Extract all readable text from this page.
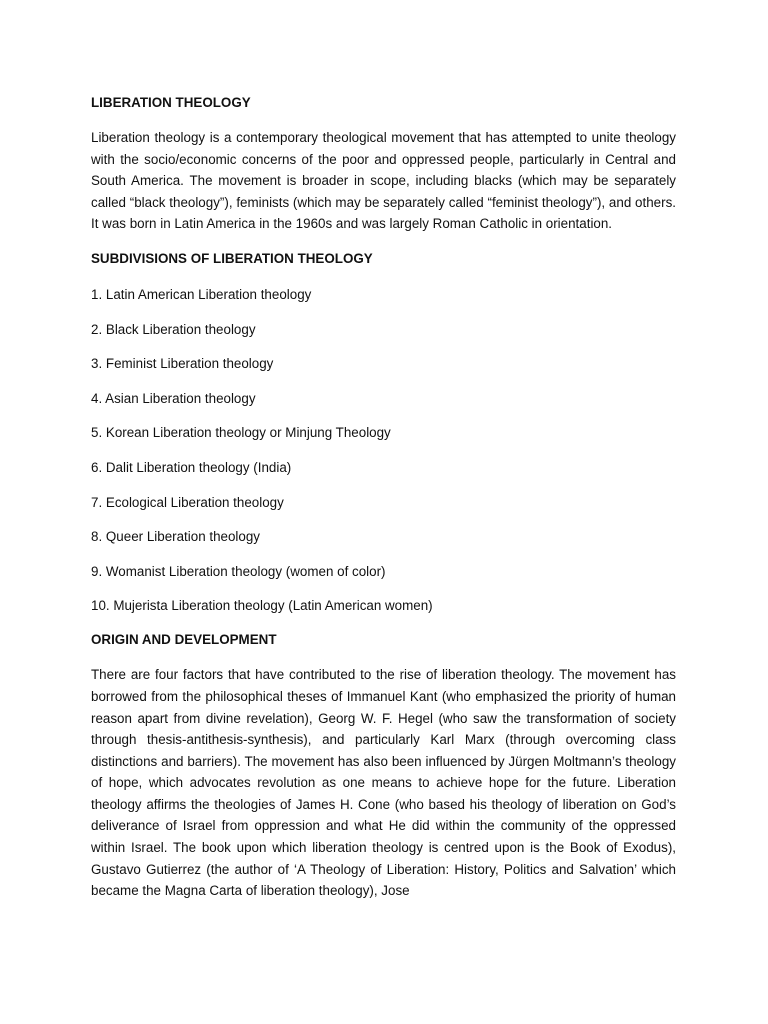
LIBERATION THEOLOGY

Liberation theology is a contemporary theological movement that has attempted to unite theology with the socio/economic concerns of the poor and oppressed people, particularly in Central and South America. The movement is broader in scope, including blacks (which may be separately called “black theology”), feminists (which may be separately called “feminist theology”), and others. It was born in Latin America in the 1960s and was largely Roman Catholic in orientation.

SUBDIVISIONS OF LIBERATION THEOLOGY

1. Latin American Liberation theology
2. Black Liberation theology
3. Feminist Liberation theology
4. Asian Liberation theology
5. Korean Liberation theology or Minjung Theology
6. Dalit Liberation theology (India)
7. Ecological Liberation theology
8. Queer Liberation theology
9. Womanist Liberation theology (women of color)
10. Mujerista Liberation theology (Latin American women)

ORIGIN AND DEVELOPMENT

There are four factors that have contributed to the rise of liberation theology. The movement has borrowed from the philosophical theses of Immanuel Kant (who emphasized the priority of human reason apart from divine revelation), Georg W. F. Hegel (who saw the transformation of society through thesis-antithesis-synthesis), and particularly Karl Marx (through overcoming class distinctions and barriers). The movement has also been influenced by Jürgen Moltmann’s theology of hope, which advocates revolution as one means to achieve hope for the future. Liberation theology affirms the theologies of James H. Cone (who based his theology of liberation on God’s deliverance of Israel from oppression and what He did within the community of the oppressed within Israel. The book upon which liberation theology is centred upon is the Book of Exodus), Gustavo Gutierrez (the author of ‘A Theology of Liberation: History, Politics and Salvation’ which became the Magna Carta of liberation theology), Jose
